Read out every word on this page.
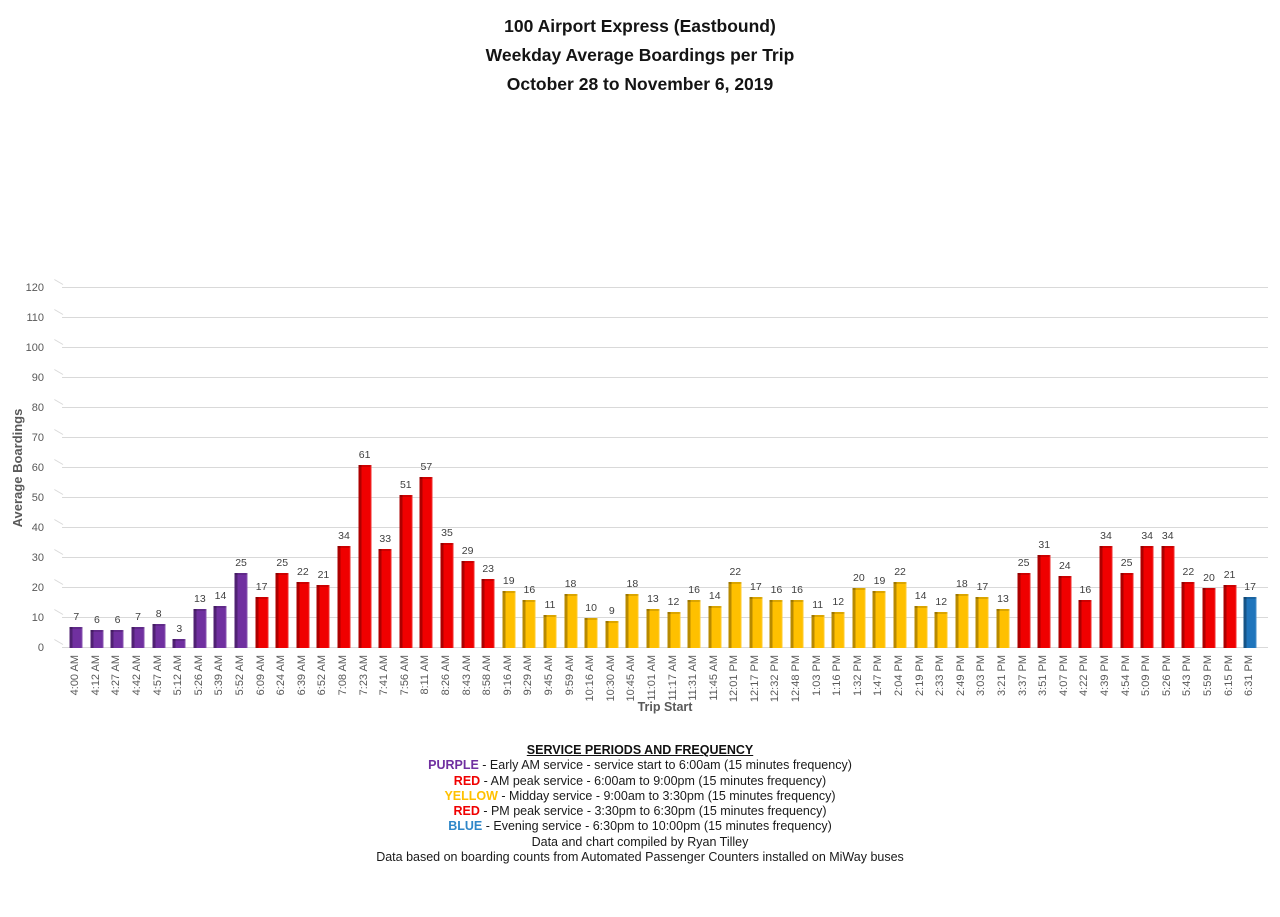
100 Airport Express (Eastbound)
Weekday Average Boardings per Trip
October 28 to November 6, 2019
0
10
20
30
40
50
60
70
80
90
100
110
120
7
4:00 AM
6
4:12 AM
6
4:27 AM
7
4:42 AM
8
4:57 AM
3
5:12 AM
13
5:26 AM
14
5:39 AM
25
5:52 AM
17
6:09 AM
25
6:24 AM
22
6:39 AM
21
6:52 AM
34
7:08 AM
61
7:23 AM
33
7:41 AM
51
7:56 AM
57
8:11 AM
35
8:26 AM
29
8:43 AM
23
8:58 AM
19
9:16 AM
16
9:29 AM
11
9:45 AM
18
9:59 AM
10
10:16 AM
9
10:30 AM
18
10:45 AM
13
11:01 AM
12
11:17 AM
16
11:31 AM
14
11:45 AM
22
12:01 PM
17
12:17 PM
16
12:32 PM
16
12:48 PM
11
1:03 PM
12
1:16 PM
20
1:32 PM
19
1:47 PM
22
2:04 PM
14
2:19 PM
12
2:33 PM
18
2:49 PM
17
3:03 PM
13
3:21 PM
25
3:37 PM
31
3:51 PM
24
4:07 PM
16
4:22 PM
34
4:39 PM
25
4:54 PM
34
5:09 PM
34
5:26 PM
22
5:43 PM
20
5:59 PM
21
6:15 PM
17
6:31 PM
Average Boardings
Trip Start
SERVICE PERIODS AND FREQUENCY
PURPLE - Early AM service - service start to 6:00am (15 minutes frequency)
RED - AM peak service - 6:00am to 9:00pm (15 minutes frequency)
YELLOW - Midday service - 9:00am to 3:30pm (15 minutes frequency)
RED - PM peak service - 3:30pm to 6:30pm (15 minutes frequency)
BLUE - Evening service - 6:30pm to 10:00pm (15 minutes frequency)
Data and chart compiled by Ryan Tilley
Data based on boarding counts from Automated Passenger Counters installed on MiWay buses
